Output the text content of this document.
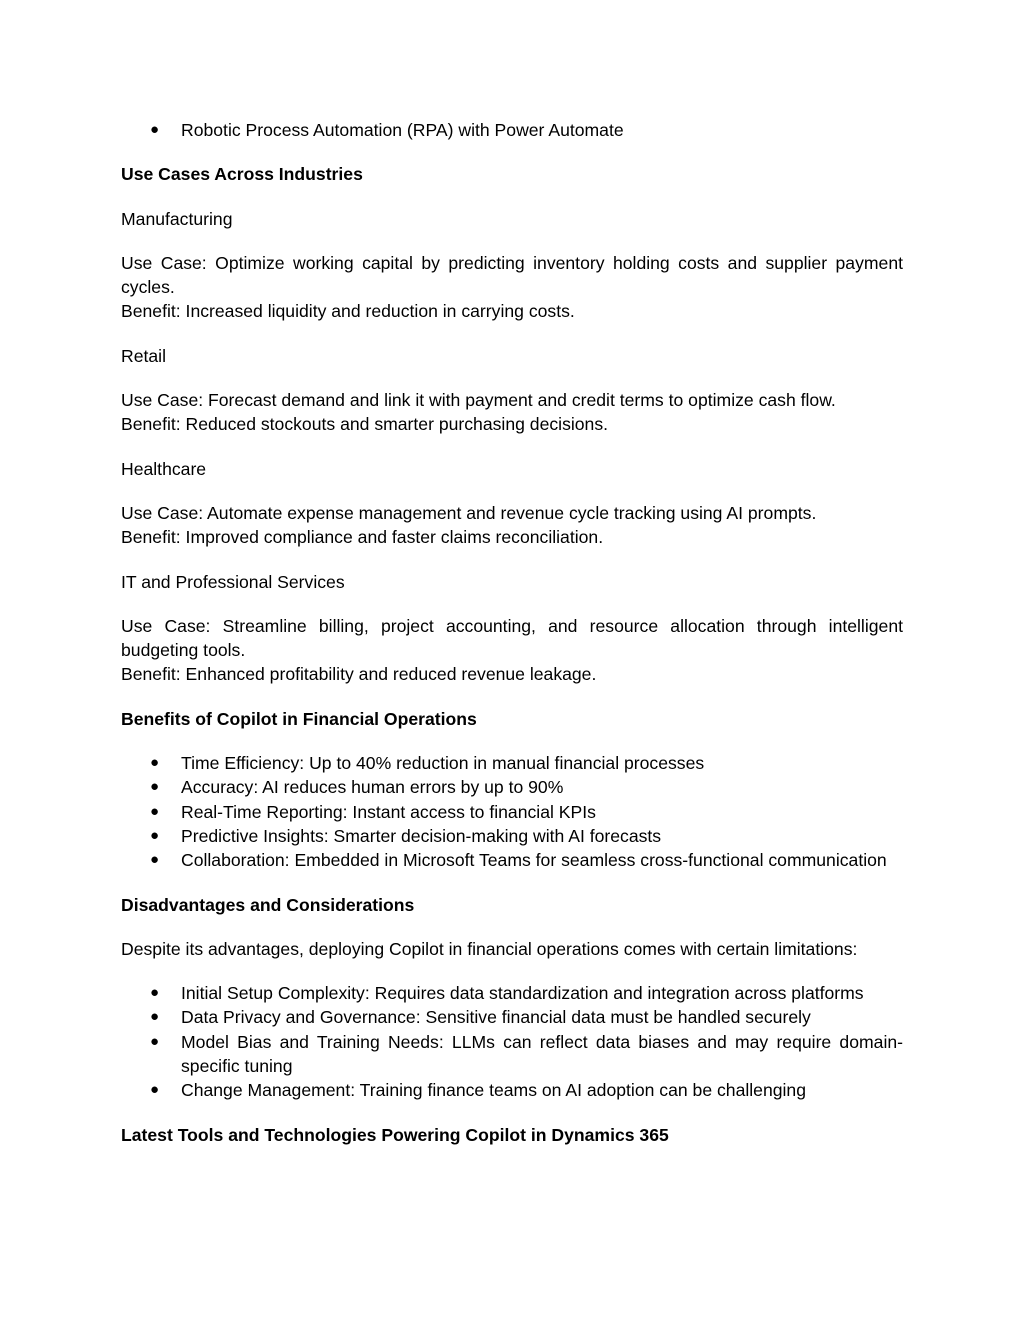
● Robotic Process Automation (RPA) with Power Automate

Use Cases Across Industries

Manufacturing

Use Case: Optimize working capital by predicting inventory holding costs and supplier payment cycles.

Benefit: Increased liquidity and reduction in carrying costs.

Retail

Use Case: Forecast demand and link it with payment and credit terms to optimize cash flow.

Benefit: Reduced stockouts and smarter purchasing decisions.

Healthcare

Use Case: Automate expense management and revenue cycle tracking using AI prompts.

Benefit: Improved compliance and faster claims reconciliation.

IT and Professional Services

Use Case: Streamline billing, project accounting, and resource allocation through intelligent budgeting tools.

Benefit: Enhanced profitability and reduced revenue leakage.

Benefits of Copilot in Financial Operations

● Time Efficiency: Up to 40% reduction in manual financial processes
● Accuracy: AI reduces human errors by up to 90%
● Real-Time Reporting: Instant access to financial KPIs
● Predictive Insights: Smarter decision-making with AI forecasts
● Collaboration: Embedded in Microsoft Teams for seamless cross-functional communication

Disadvantages and Considerations

Despite its advantages, deploying Copilot in financial operations comes with certain limitations:

● Initial Setup Complexity: Requires data standardization and integration across platforms
● Data Privacy and Governance: Sensitive financial data must be handled securely
● Model Bias and Training Needs: LLMs can reflect data biases and may require domain-specific tuning
● Change Management: Training finance teams on AI adoption can be challenging

Latest Tools and Technologies Powering Copilot in Dynamics 365
